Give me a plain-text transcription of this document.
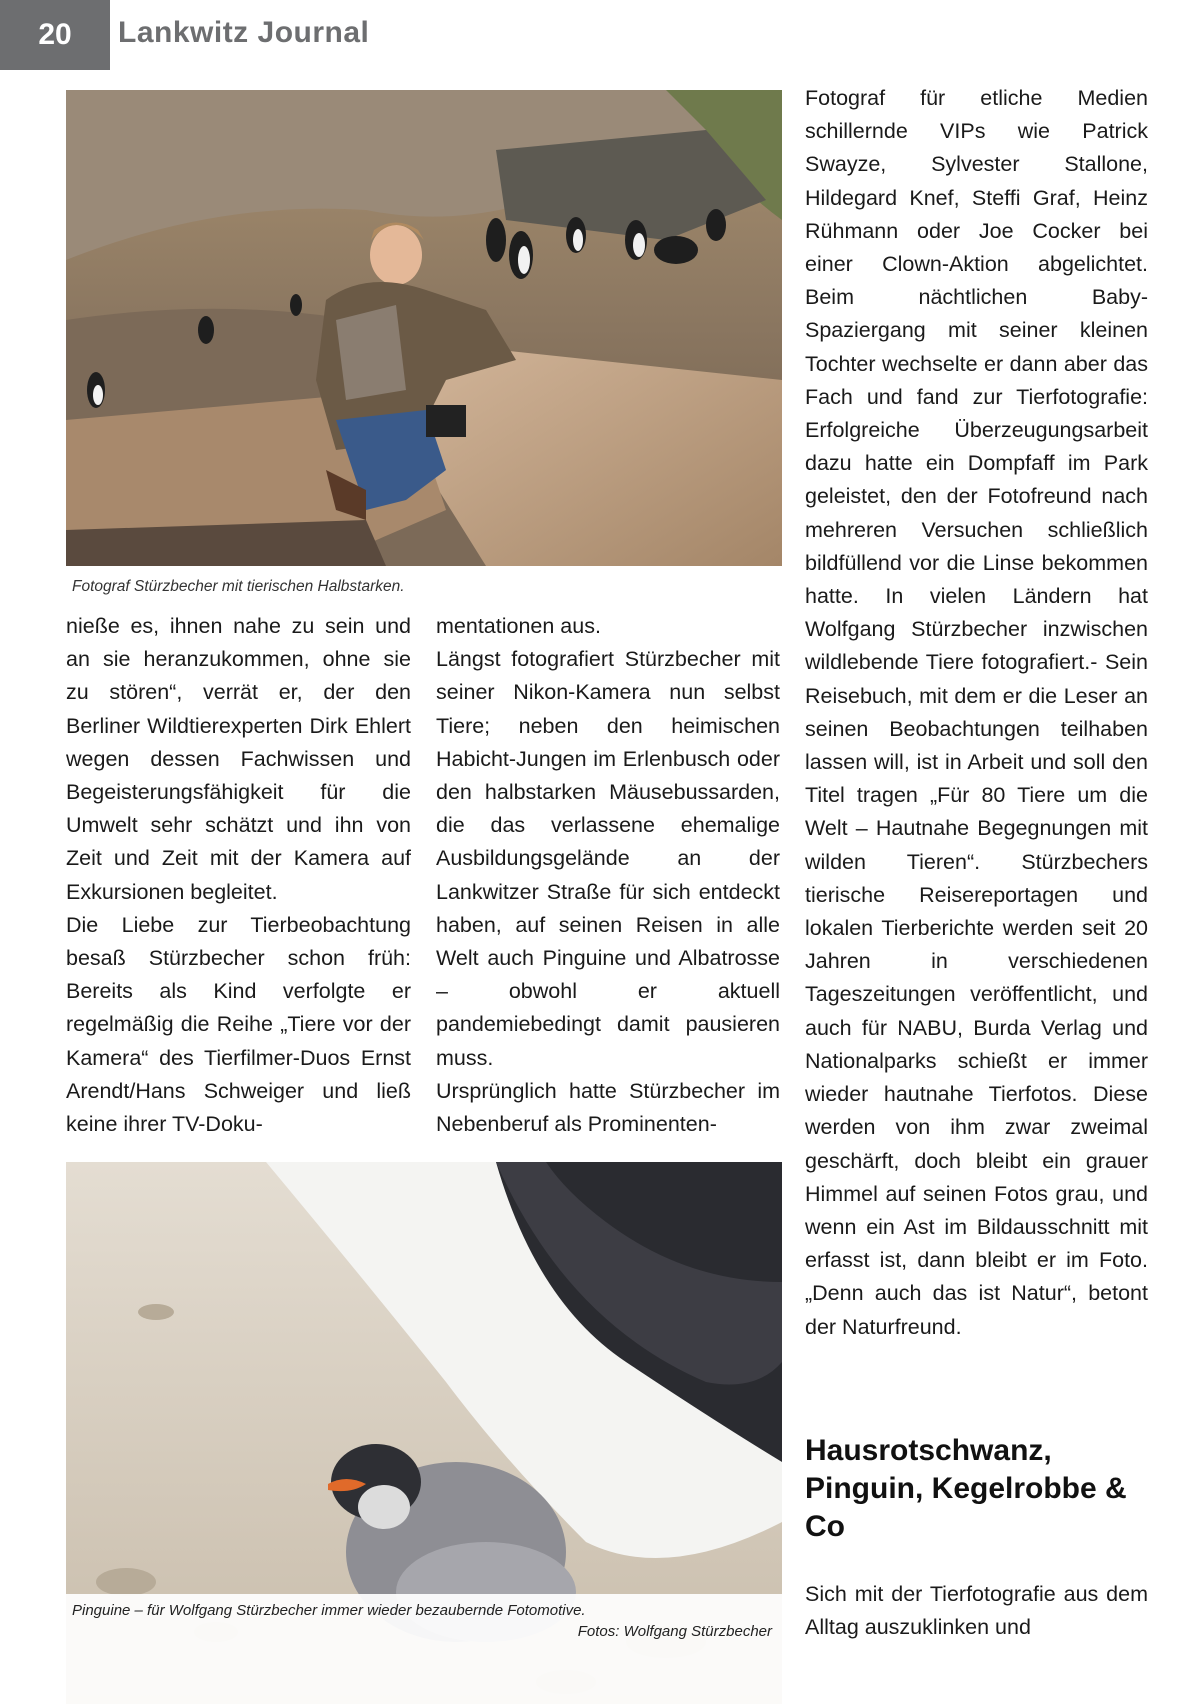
20	Lankwitz Journal
Fotograf Stürzbecher mit tierischen Halbstarken.

nieße es, ihnen nahe zu sein und an sie heranzukommen, ohne sie zu stören“, verrät er, der den Berliner Wildtierexperten Dirk Ehlert wegen dessen Fachwissen und Begeisterungsfähigkeit für die Umwelt sehr schätzt und ihn von Zeit und Zeit mit der Kamera auf Exkursionen begleitet.

Die Liebe zur Tierbeobachtung besaß Stürzbecher schon früh: Bereits als Kind verfolgte er regelmäßig die Reihe „Tiere vor der Kamera“ des Tierfilmer-Duos Ernst Arendt/Hans Schweiger und ließ keine ihrer TV-Doku-

mentationen aus.

Längst fotografiert Stürzbecher mit seiner Nikon-Kamera nun selbst Tiere; neben den heimischen Habicht-Jungen im Erlenbusch oder den halbstarken Mäusebussarden, die das verlassene ehemalige Ausbildungsgelände an der Lankwitzer Straße für sich entdeckt haben, auf seinen Reisen in alle Welt auch Pinguine und Albatrosse – obwohl er aktuell pandemiebedingt damit pausieren muss.

Ursprünglich hatte Stürzbecher im Nebenberuf als Prominenten-

Pinguine – für Wolfgang Stürzbecher immer wieder bezaubernde Fotomotive.
Fotos: Wolfgang Stürzbecher

Fotograf für etliche Medien schillernde VIPs wie Patrick Swayze, Sylvester Stallone, Hildegard Knef, Steffi Graf, Heinz Rühmann oder Joe Cocker bei einer Clown-Aktion abgelichtet. Beim nächtlichen Baby-Spaziergang mit seiner kleinen Tochter wechselte er dann aber das Fach und fand zur Tierfotografie: Erfolgreiche Überzeugungsarbeit dazu hatte ein Dompfaff im Park geleistet, den der Fotofreund nach mehreren Versuchen schließlich bildfüllend vor die Linse bekommen hatte. In vielen Ländern hat Wolfgang Stürzbecher inzwischen wildlebende Tiere fotografiert.- Sein Reisebuch, mit dem er die Leser an seinen Beobachtungen teilhaben lassen will, ist in Arbeit und soll den Titel tragen „Für 80 Tiere um die Welt – Hautnahe Begegnungen mit wilden Tieren“. Stürzbechers tierische Reisereportagen und lokalen Tierberichte werden seit 20 Jahren in verschiedenen Tageszeitungen veröffentlicht, und auch für NABU, Burda Verlag und Nationalparks schießt er immer wieder hautnahe Tierfotos. Diese werden von ihm zwar zweimal geschärft, doch bleibt ein grauer Himmel auf seinen Fotos grau, und wenn ein Ast im Bildausschnitt mit erfasst ist, dann bleibt er im Foto. „Denn auch das ist Natur“, betont der Naturfreund.

Hausrotschwanz, Pinguin, Kegelrobbe & Co

Sich mit der Tierfotografie aus dem Alltag auszuklinken und
